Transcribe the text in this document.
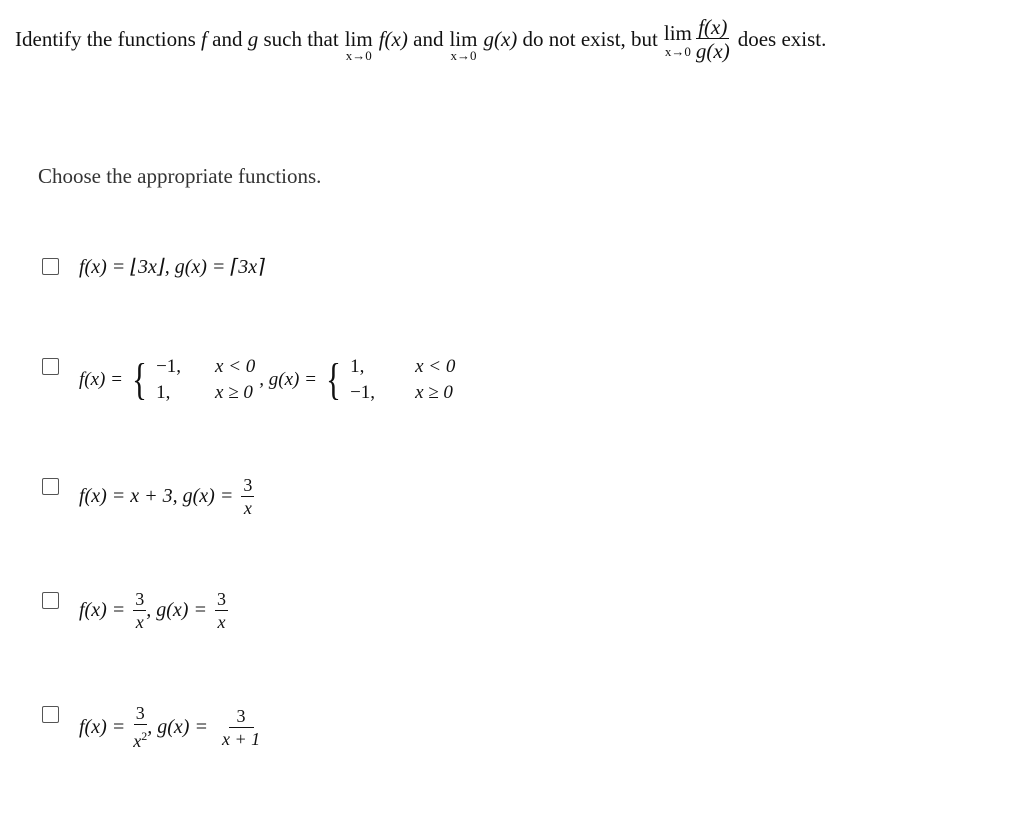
Identify the functions
f
and
g
such that lim
x→0
f(x)
and lim
x→0
g(x)
do not exist, but lim
$x\to 0 \frac{f(x)}{g(x)}$ does exist.
Choose the appropriate functions.
f(x) = ⌊3x⌋, g(x) = ⌈3x⌉
f(x) = { −1, x < 0
1,	x ≥ 0
, g(x) = { 1,	x < 0
−1, x ≥ 0
f(x) = x + 3, $g(x) = \frac{3}{x}$
$f(x) = \frac{3}{x}$ , $g(x) = \frac{3}{x}$
$f(x) = \frac{3}{x^2}$ , $g(x) = \frac{3}{x + 1}$
